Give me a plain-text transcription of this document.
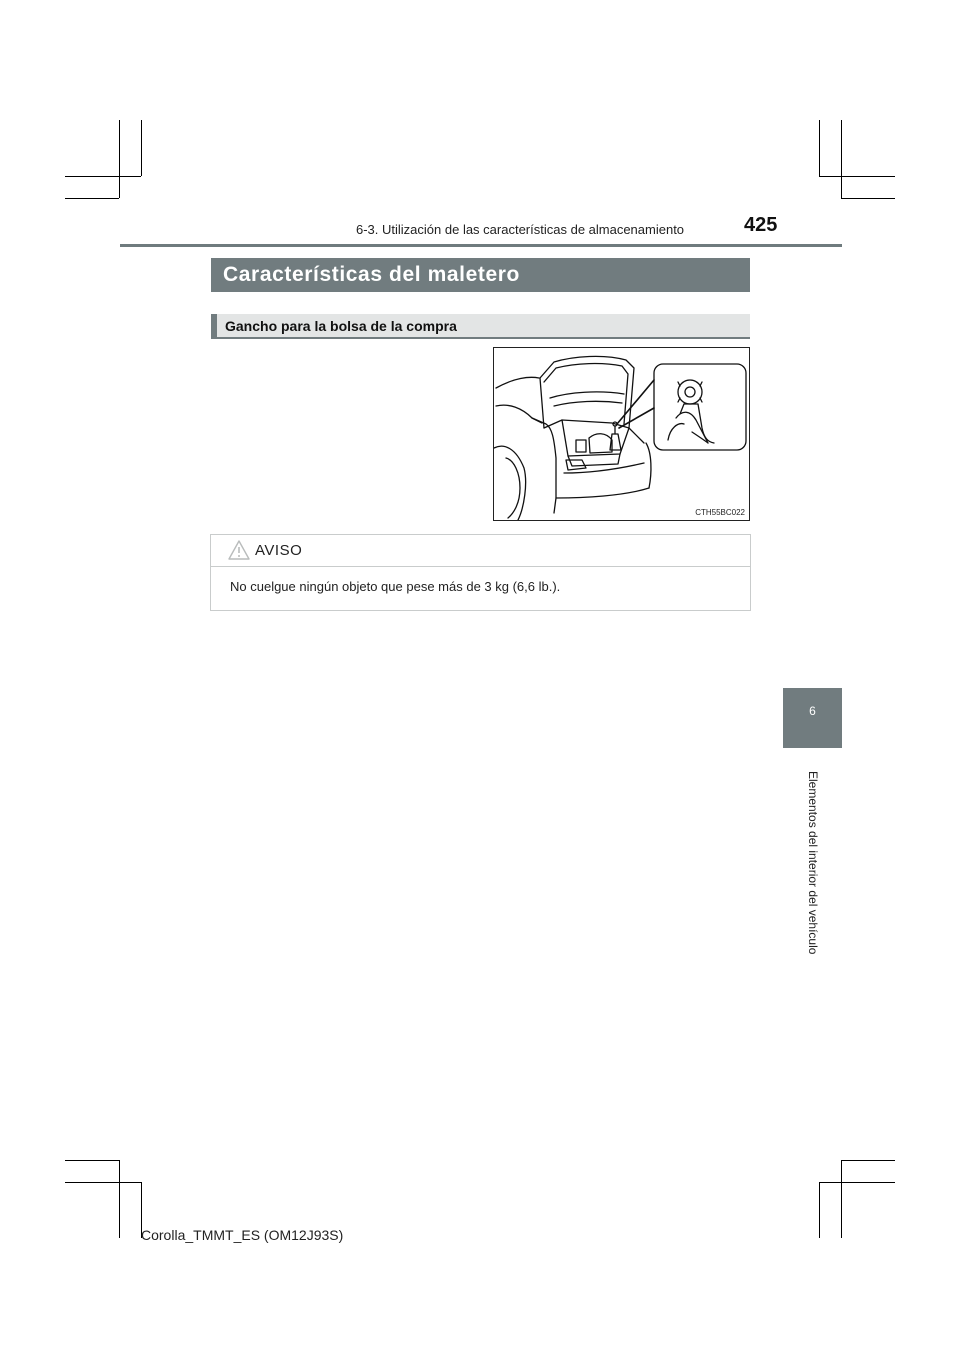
6-3. Utilización de las características de almacenamiento	425
Características del maletero
Gancho para la bolsa de la compra
CTH55BC022
AVISO
No cuelgue ningún objeto que pese más de 3 kg (6,6 lb.).
6
Elementos del interior del vehículo
Corolla_TMMT_ES (OM12J93S)
